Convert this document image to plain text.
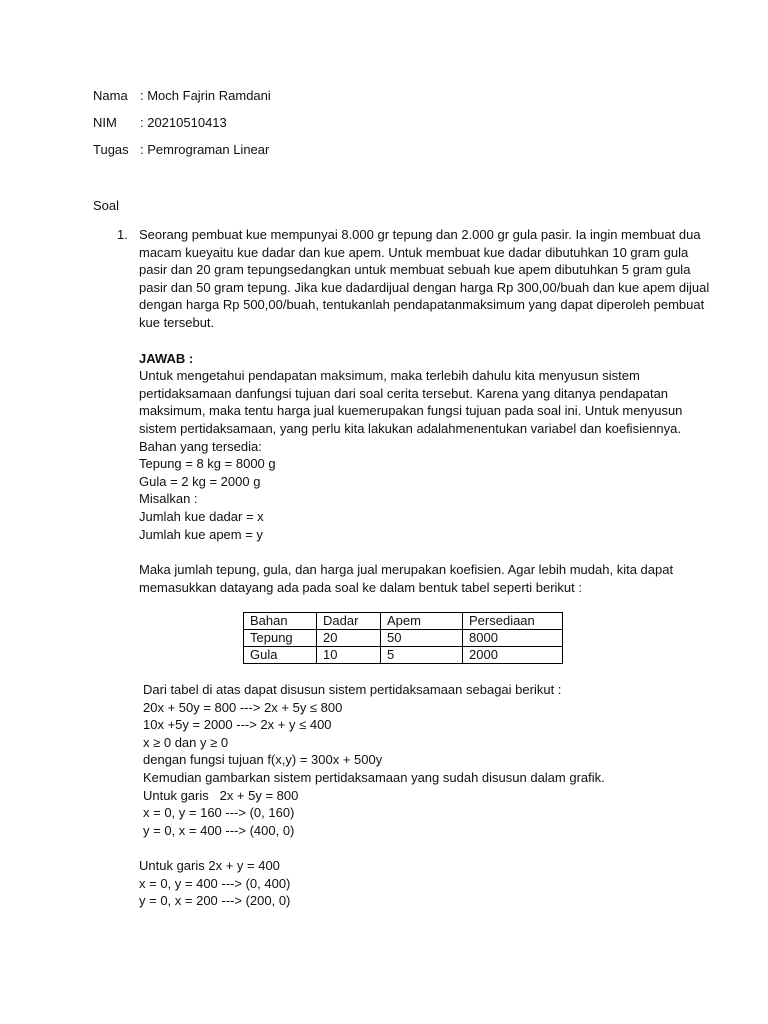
Nama : Moch Fajrin Ramdani
NIM	: 20210510413
Tugas : Pemrograman Linear
Soal
1. Seorang pembuat kue mempunyai 8.000 gr tepung dan 2.000 gr gula pasir. Ia ingin membuat dua macam kueyaitu kue dadar dan kue apem. Untuk membuat kue dadar dibutuhkan 10 gram gula pasir dan 20 gram tepungsedangkan untuk membuat sebuah kue apem dibutuhkan 5 gram gula pasir dan 50 gram tepung. Jika kue dadardijual dengan harga Rp 300,00/buah dan kue apem dijual dengan harga Rp 500,00/buah, tentukanlah pendapatanmaksimum yang dapat diperoleh pembuat kue tersebut.

JAWAB :

Untuk mengetahui pendapatan maksimum, maka terlebih dahulu kita menyusun sistem pertidaksamaan danfungsi tujuan dari soal cerita tersebut. Karena yang ditanya pendapatan maksimum, maka tentu harga jual kuemerupakan fungsi tujuan pada soal ini. Untuk menyusun sistem pertidaksamaan, yang perlu kita lakukan adalahmenentukan variabel dan koefisiennya.

Bahan yang tersedia:

Tepung = 8 kg = 8000 g

Gula = 2 kg = 2000 g

Misalkan :

Jumlah kue dadar = x

Jumlah kue apem = y

Maka jumlah tepung, gula, dan harga jual merupakan koefisien. Agar lebih mudah, kita dapat memasukkan datayang ada pada soal ke dalam bentuk tabel seperti berikut :

Bahan	Dadar	Apem	Persediaan
Tepung	20	50	8000
Gula	10	5	2000

Dari tabel di atas dapat disusun sistem pertidaksamaan sebagai berikut :

20x + 50y = 800 ---> 2x + 5y ≤ 800

10x +5y = 2000 ---> 2x + y ≤ 400

x ≥ 0 dan y ≥ 0

dengan fungsi tujuan f(x,y) = 300x + 500y

Kemudian gambarkan sistem pertidaksamaan yang sudah disusun dalam grafik.

Untuk garis   2x + 5y = 800

x = 0, y = 160 ---> (0, 160)

y = 0, x = 400 ---> (400, 0)

Untuk garis 2x + y = 400

x = 0, y = 400 ---> (0, 400)

y = 0, x = 200 ---> (200, 0)
